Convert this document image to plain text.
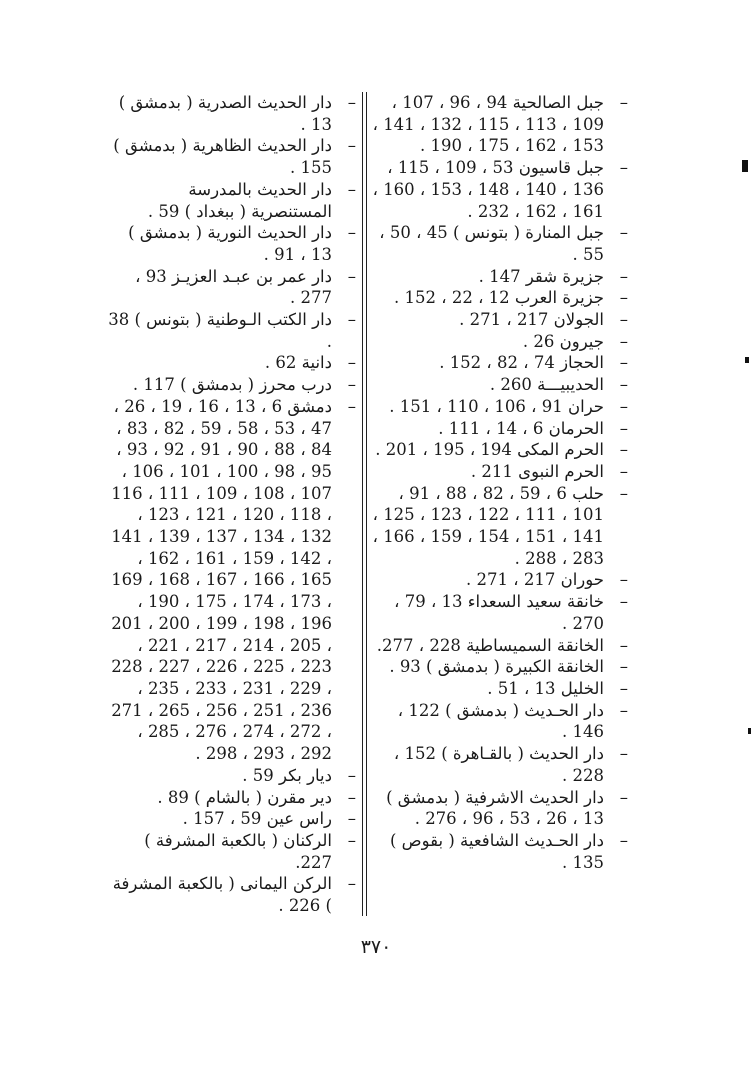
–
جبل الصالحية 94 ، 96 ، 107 ، 109 ، 113 ، 115 ، 132 ، 141 ، 153 ، 162 ، 175 ، 190 .
–
جبل قاسيون 53 ، 109 ، 115 ، 136 ، 140 ، 148 ، 153 ، 160 ، 161 ، 162 ، 232 .
–
جبل المنارة ( بتونس ) 45 ، 50 ، 55 .
–
جزيرة شقر 147 .
–
جزيرة العرب 12 ، 22 ، 152 .
–
الجولان 217 ، 271 .
–
جيرون 26 .
–
الحجاز 74 ، 82 ، 152 .
–
الحديبيـــة 260 .
–
حران 91 ، 106 ، 110 ، 151 .
–
الحرمان 6 ، 14 ، 111 .
–
الحرم المكى 194 ، 195 ، 201 .
–
الحرم النبوى 211 .
–
حلب 6 ، 59 ، 82 ، 88 ، 91 ، 101 ، 111 ، 122 ، 123 ، 125 ، 141 ، 151 ، 154 ، 159 ، 166 ، 283 ، 288 .
–
حوران 217 ، 271 .
–
خانقة سعيد السعداء 13 ، 79 ، 270 .
–
الخانقة السميساطية 228 ، 277.
–
الخانقة الكبيرة ( بدمشق ) 93 .
–
الخليل 13 ، 51 .
–
دار الحـديث ( بدمشق ) 122 ، 146 .
–
دار الحديث ( بالقـاهرة ) 152 ، 228 .
–
دار الحديث الاشرفية ( بدمشق ) 13 ، 26 ، 53 ، 96 ، 276 .
–
دار الحـديث الشافعية ( بقوص ) 135 .
–
دار الحديث الصدرية ( بدمشق ) 13 .
–
دار الحديث الظاهرية ( بدمشق ) 155 .
–
دار الحديث بالمدرسة المستنصرية ( ببغداد ) 59 .
–
دار الحديث النورية ( بدمشق ) 13 ، 91 .
–
دار عمر بن عبـد العزيـز 93 ، 277 .
–
دار الكتب الـوطنية ( بتونس ) 38 .
–
دانية 62 .
–
درب محرز ( بدمشق ) 117 .
–
دمشق 6 ، 13 ، 16 ، 19 ، 26 ، 47 ، 53 ، 58 ، 59 ، 82 ، 83 ، 84 ، 88 ، 90 ، 91 ، 92 ، 93 ، 95 ، 98 ، 100 ، 101 ، 106 ، 107 ، 108 ، 109 ، 111 ، 116 ، 118 ، 120 ، 121 ، 123 ، 132 ، 134 ، 137 ، 139 ، 141 ، 142 ، 159 ، 161 ، 162 ، 165 ، 166 ، 167 ، 168 ، 169 ، 173 ، 174 ، 175 ، 190 ، 196 ، 198 ، 199 ، 200 ، 201 ، 205 ، 214 ، 217 ، 221 ، 223 ، 225 ، 226 ، 227 ، 228 ، 229 ، 231 ، 233 ، 235 ، 236 ، 251 ، 256 ، 265 ، 271 ، 272 ، 274 ، 276 ، 285 ، 292 ، 293 ، 298 .
–
ديار بكر 59 .
–
دير مقرن ( بالشام ) 89 .
–
راس عين 59 ، 157 .
–
الركنان ( بالكعبة المشرفة ) 227.
–
الركن اليمانى ( بالكعبة المشرفة ) 226 .
٣٧٠
